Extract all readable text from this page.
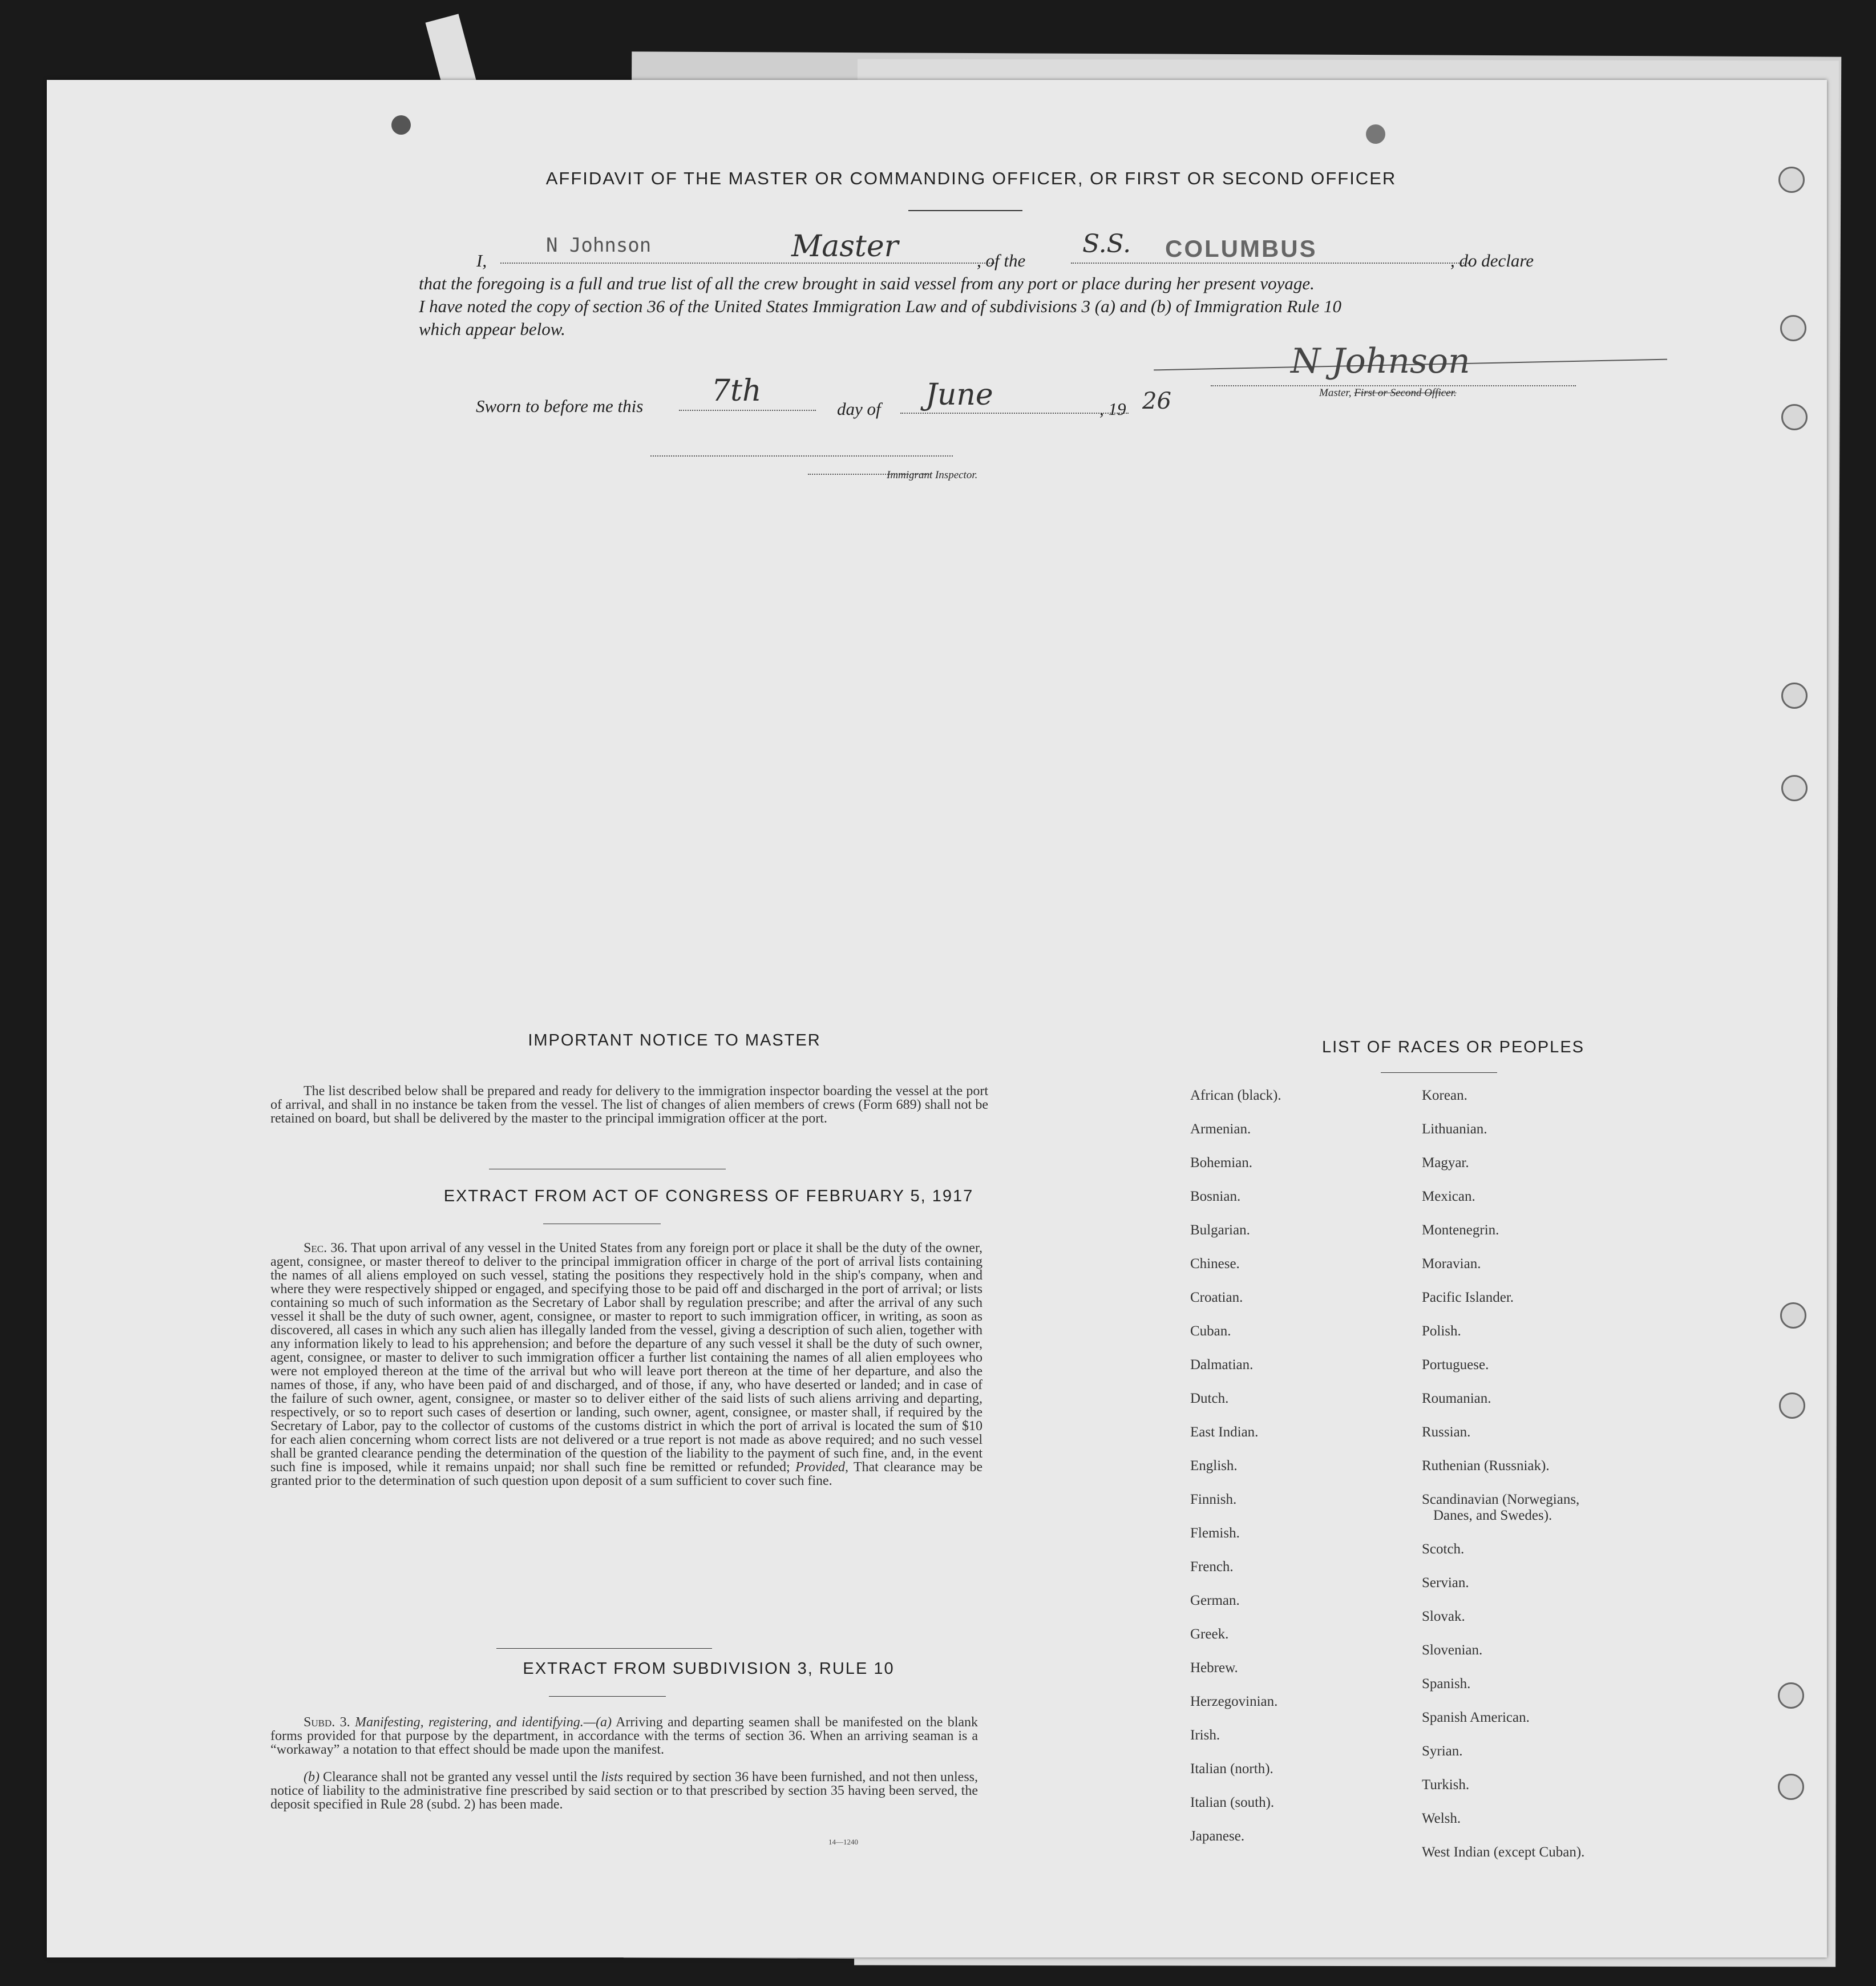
AFFIDAVIT OF THE MASTER OR COMMANDING OFFICER, OR FIRST OR SECOND OFFICER
I,
N Johnson	Master	, of the
S.S. COLUMBUS	, do declare
that the foregoing is a full and true list of all the crew brought in said vessel from any port or place during her present voyage.
I have noted the copy of section 36 of the United States Immigration Law and of subdivisions 3 (a) and (b) of Immigration Rule 10
which appear below.
Sworn to before me this 7th
day of June	, 19 26
N Johnson
Master, First or Second Officer.
Immigrant Inspector.
IMPORTANT NOTICE TO MASTER
The list described below shall be prepared and ready for delivery to the immigration inspector boarding the vessel at the port of arrival, and shall in no instance be taken from the vessel. The list of changes of alien members of crews (Form 689) shall not be retained on board, but shall be delivered by the master to the principal immigration officer at the port.
EXTRACT FROM ACT OF CONGRESS OF FEBRUARY 5, 1917
Sec. 36. That upon arrival of any vessel in the United States from any foreign port or place it shall be the duty of the owner, agent, consignee, or master thereof to deliver to the principal immigration officer in charge of the port of arrival lists containing the names of all aliens employed on such vessel, stating the positions they respectively hold in the ship's company, when and where they were respectively shipped or engaged, and specifying those to be paid off and discharged in the port of arrival; or lists containing so much of such information as the Secretary of Labor shall by regulation prescribe; and after the arrival of any such vessel it shall be the duty of such owner, agent, consignee, or master to report to such immigration officer, in writing, as soon as discovered, all cases in which any such alien has illegally landed from the vessel, giving a description of such alien, together with any information likely to lead to his apprehension; and before the departure of any such vessel it shall be the duty of such owner, agent, consignee, or master to deliver to such immigration officer a further list containing the names of all alien employees who were not employed thereon at the time of the arrival but who will leave port thereon at the time of her departure, and also the names of those, if any, who have been paid of and discharged, and of those, if any, who have deserted or landed; and in case of the failure of such owner, agent, consignee, or master so to deliver either of the said lists of such aliens arriving and departing, respectively, or so to report such cases of desertion or landing, such owner, agent, consignee, or master shall, if required by the Secretary of Labor, pay to the collector of customs of the customs district in which the port of arrival is located the sum of $10 for each alien concerning whom correct lists are not delivered or a true report is not made as above required; and no such vessel shall be granted clearance pending the determination of the question of the liability to the payment of such fine, and, in the event such fine is imposed, while it remains unpaid; nor shall such fine be remitted or refunded; Provided, That clearance may be granted prior to the determination of such question upon deposit of a sum sufficient to cover such fine.
EXTRACT FROM SUBDIVISION 3, RULE 10
Subd. 3. Manifesting, registering, and identifying.—(a) Arriving and departing seamen shall be manifested on the blank forms provided for that purpose by the department, in accordance with the terms of section 36. When an arriving seaman is a “workaway” a notation to that effect should be made upon the manifest.
(b) Clearance shall not be granted any vessel until the lists required by section 36 have been furnished, and not then unless, notice of liability to the administrative fine prescribed by said section or to that prescribed by section 35 having been served, the deposit specified in Rule 28 (subd. 2) has been made.
14—1240
LIST OF RACES OR PEOPLES
African (black).
Armenian.
Bohemian.
Bosnian.
Bulgarian.
Chinese.
Croatian.
Cuban.
Dalmatian.
Dutch.
East Indian.
English.
Finnish.
Flemish.
French.
German.
Greek.
Hebrew.
Herzegovinian.
Irish.
Italian (north).
Italian (south).
Japanese.
Korean.
Lithuanian.
Magyar.
Mexican.
Montenegrin.
Moravian.
Pacific Islander.
Polish.
Portuguese.
Roumanian.
Russian.
Ruthenian (Russniak).
Scandinavian (Norwegians,
Danes, and Swedes).
Scotch.
Servian.
Slovak.
Slovenian.
Spanish.
Spanish American.
Syrian.
Turkish.
Welsh.
West Indian (except Cuban).
